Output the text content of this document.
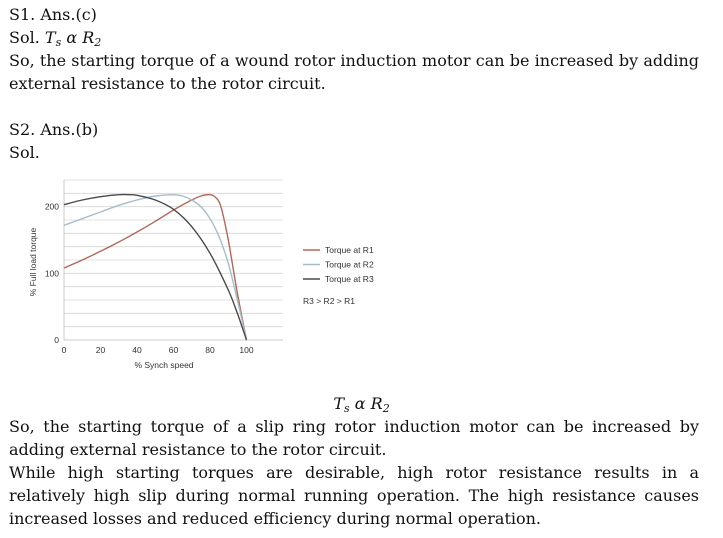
S1. Ans.(c)
Sol. $T_s$ α $R_2$
So, the starting torque of a wound rotor induction motor can be increased by adding external resistance to the rotor circuit.
S2. Ans.(b)
Sol.
0	20	40	60	80	100
0
100
200
Torque at R1
Torque at R2
Torque at R3
R3 > R2 > R1
% Synch speed
% Full load torque
$T_s$ α $R_2$
So, the starting torque of a slip ring rotor induction motor can be increased by adding external resistance to the rotor circuit.
While high starting torques are desirable, high rotor resistance results in a relatively high slip during normal running operation. The high resistance causes increased losses and reduced efficiency during normal operation.
